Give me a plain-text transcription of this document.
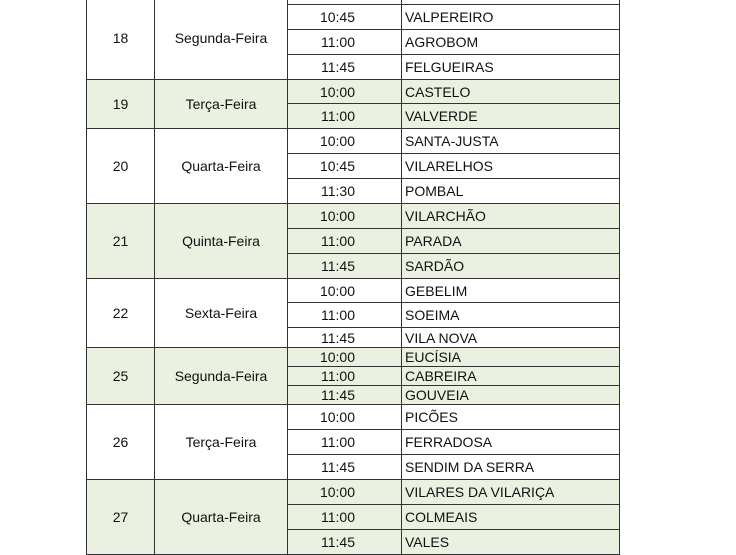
18	Segunda-Feira		
		10:45	VALPEREIRO
		11:00	AGROBOM
		11:45	FELGUEIRAS
19	Terça-Feira	10:00	CASTELO
		11:00	VALVERDE
20	Quarta-Feira	10:00	SANTA-JUSTA
		10:45	VILARELHOS
		11:30	POMBAL
21	Quinta-Feira	10:00	VILARCHÃO
		11:00	PARADA
		11:45	SARDÃO
22	Sexta-Feira	10:00	GEBELIM
		11:00	SOEIMA
		11:45	VILA NOVA
25	Segunda-Feira	10:00	EUCÍSIA
		11:00	CABREIRA
		11:45	GOUVEIA
26	Terça-Feira	10:00	PICÕES
		11:00	FERRADOSA
		11:45	SENDIM DA SERRA
27	Quarta-Feira	10:00	VILARES DA VILARIÇA
		11:00	COLMEAIS
		11:45	VALES
